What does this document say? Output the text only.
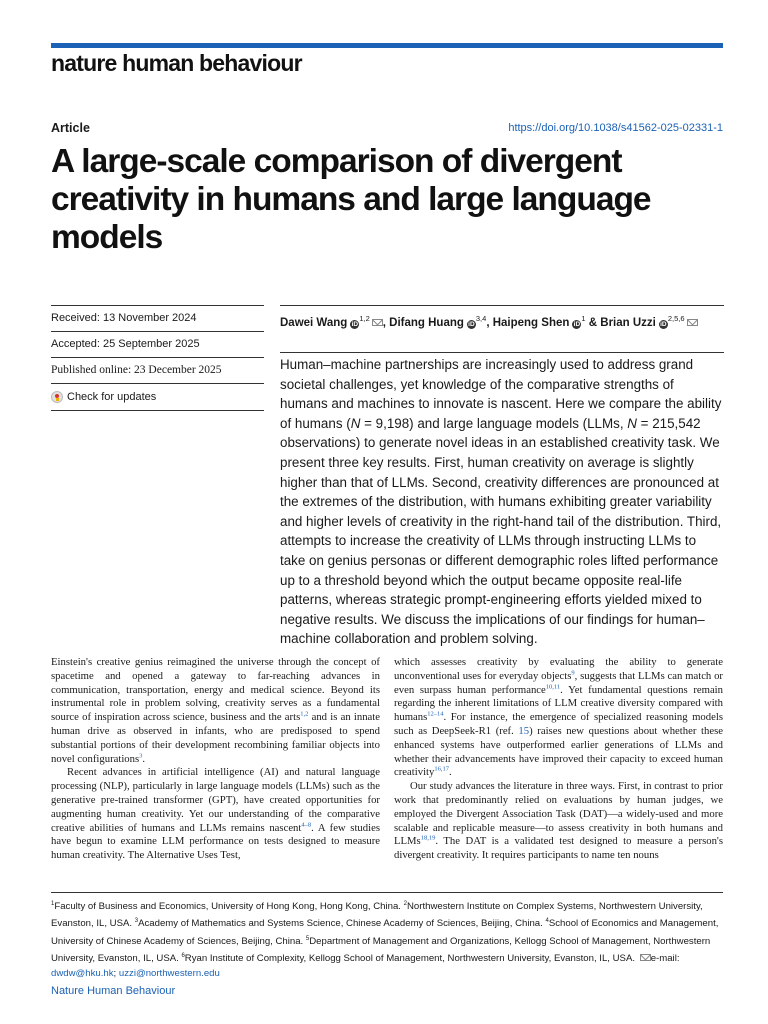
nature human behaviour
Article	https://doi.org/10.1038/s41562-025-02331-1
A large-scale comparison of divergent creativity in humans and large language models
Received: 13 November 2024
Accepted: 25 September 2025
Published online: 23 December 2025
Check for updates
Dawei Wang iD$^{1,2}$ , Difang Huang iD$^{3,4}$, Haipeng Shen $iD^1$ & Brian Uzzi iD$^{2,5,6}$

Human–machine partnerships are increasingly used to address grand societal challenges, yet knowledge of the comparative strengths of humans and machines to innovate is nascent. Here we compare the ability of humans (N = 9,198) and large language models (LLMs, N = 215,542 observations) to generate novel ideas in an established creativity task. We present three key results. First, human creativity on average is slightly higher than that of LLMs. Second, creativity differences are pronounced at the extremes of the distribution, with humans exhibiting greater variability and higher levels of creativity in the right-hand tail of the distribution. Third, attempts to increase the creativity of LLMs through instructing LLMs to take on genius personas or different demographic roles lifted performance up to a threshold beyond which the output became opposite real-life patterns, whereas strategic prompt-engineering efforts yielded mixed to negative results. We discuss the implications of our findings for human–machine collaboration and problem solving.

Einstein's creative genius reimagined the universe through the concept of spacetime and opened a gateway to far-reaching advances in communication, transportation, energy and medical science. Beyond its instrumental role in problem solving, creativity serves as a fundamental source of inspiration across science, business and the arts$^{1,2}$ and is an innate human drive as observed in infants, who are predisposed to spend substantial portions of their development recombining familiar objects into novel configurations$^3$.

Recent advances in artificial intelligence (AI) and natural language processing (NLP), particularly in large language models (LLMs) such as the generative pre-trained transformer (GPT), have created opportunities for augmenting human creativity. Yet our understanding of the comparative creative abilities of humans and LLMs remains nascent$^{4-8}$. A few studies have begun to examine LLM performance on tests designed to measure human creativity. The Alternative Uses Test,

which assesses creativity by evaluating the ability to generate unconventional uses for everyday objects$^9$, suggests that LLMs can match or even surpass human performance$^{10,11}$. Yet fundamental questions remain regarding the inherent limitations of LLM creative diversity compared with humans$^{12-14}$. For instance, the emergence of specialized reasoning models such as DeepSeek-R1 (ref. 15) raises new questions about whether these enhanced systems have outperformed earlier generations of LLMs and whether their advancements have improved their capacity to exceed human creativity$^{16,17}$.

Our study advances the literature in three ways. First, in contrast to prior work that predominantly relied on evaluations by human judges, we employed the Divergent Association Task (DAT)—a widely-used and more scalable and replicable measure—to assess creativity in both humans and LLMs$^{18,19}$. The DAT is a validated test designed to measure a person's divergent creativity. It requires participants to name ten nouns

$^1$Faculty of Business and Economics, University of Hong Kong, Hong Kong, China. $^2$Northwestern Institute on Complex Systems, Northwestern University, Evanston, IL, USA. $^3$Academy of Mathematics and Systems Science, Chinese Academy of Sciences, Beijing, China. $^4$School of Economics and Management, University of Chinese Academy of Sciences, Beijing, China. $^5$Department of Management and Organizations, Kellogg School of Management, Northwestern University, Evanston, IL, USA. $^6$Ryan Institute of Complexity, Kellogg School of Management, Northwestern University, Evanston, IL, USA. e-mail: dwdw@hku.hk; uzzi@northwestern.edu

Nature Human Behaviour
